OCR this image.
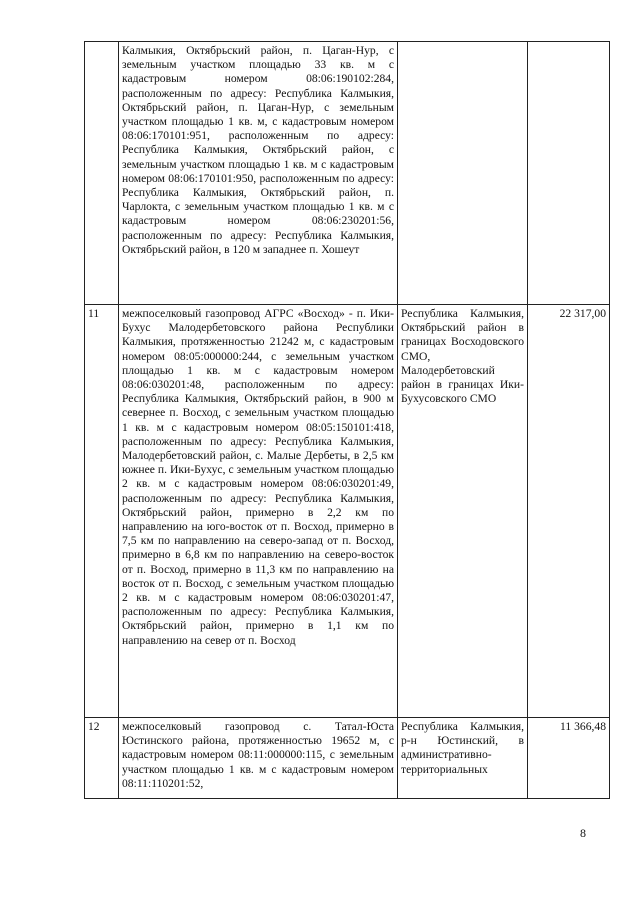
	Калмыкия, Октябрьский район, п. Цаган-Нур, с земельным участком площадью 33 кв. м с кадастровым номером 08:06:190102:284, расположенным по адресу: Республика Калмыкия, Октябрьский район, п. Цаган-Нур, с земельным участком площадью 1 кв. м, с кадастровым номером 08:06:170101:951, расположенным по адресу: Республика Калмыкия, Октябрьский район, с земельным участком площадью 1 кв. м с кадастровым номером 08:06:170101:950, расположенным по адресу: Республика Калмыкия, Октябрьский район, п. Чарлокта, с земельным участком площадью 1 кв. м с кадастровым номером 08:06:230201:56, расположенным по адресу: Республика Калмыкия, Октябрьский район, в 120 м западнее п. Хошеут		

11	межпоселковый газопровод АГРС «Восход» - п. Ики-Бухус Малодербетовского района Республики Калмыкия, протяженностью 21242 м, с кадастровым номером 08:05:000000:244, с земельным участком площадью 1 кв. м с кадастровым номером 08:06:030201:48, расположенным по адресу: Республика Калмыкия, Октябрьский район, в 900 м севернее п. Восход, с земельным участком площадью 1 кв. м с кадастровым номером 08:05:150101:418, расположенным по адресу: Республика Калмыкия, Малодербетовский район, с. Малые Дербеты, в 2,5 км южнее п. Ики-Бухус, с земельным участком площадью 2 кв. м с кадастровым номером 08:06:030201:49, расположенным по адресу: Республика Калмыкия, Октябрьский район, примерно в 2,2 км по направлению на юго-восток от п. Восход, примерно в 7,5 км по направлению на северо-запад от п. Восход, примерно в 6,8 км по направлению на северо-восток от п. Восход, примерно в 11,3 км по направлению на восток от п. Восход, с земельным участком площадью 2 кв. м с кадастровым номером 08:06:030201:47, расположенным по адресу: Республика Калмыкия, Октябрьский район, примерно в 1,1 км по направлению на север от п. Восход	Республика Калмыкия, Октябрьский район в границах Восходовского СМО, Малодербетовский район в границах Ики-Бухусовского СМО	22 317,00
12	межпоселковый газопровод с. Татал-Юста Юстинского района, протяженностью 19652 м, с кадастровым номером 08:11:000000:115, с земельным участком площадью 1 кв. м с кадастровым номером 08:11:110201:52,	Республика Калмыкия, р-н Юстинский, в административно-территориальных	11 366,48
8
